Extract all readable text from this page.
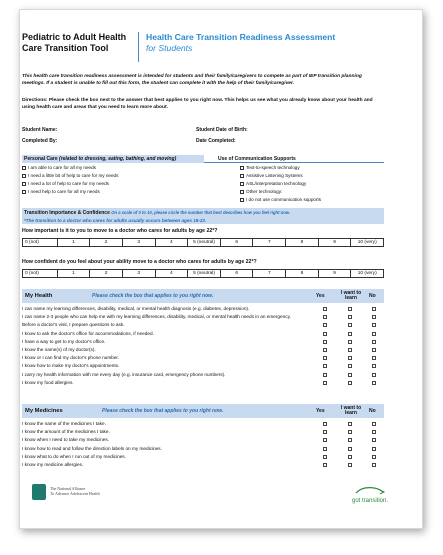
Pediatric to Adult Health
Care Transition Tool
Health Care Transition Readiness Assessment
for Students
This health care transition readiness assessment is intended for students and their family/caregivers to compete as part of IEP transition planning meetings. If a student is unable to fill out this form, the student can complete it with the help of their family/caregiver.
Directions: Please check the box next to the answer that best applies to you right now. This helps us see what you already know about your health and using health care and areas that you need to learn more about.
Student Name:	Student Date of Birth:
Completed By:	Date Completed:
Personal Care (related to dressing, eating, bathing, and moving)	Use of Communication Supports
I am able to care for all my needs
I need a little bit of help to care for my needs
I need a lot of help to care for my needs
I need help to care for all my needs
Text-to-speech technology
Assistive Listening Systems
ASL/interpretation technology
Other technology:
I do not use communication supports
Transition Importance & Confidence On a scale of 0 to 10, please circle the number that best describes how you feel right now.
*The transition to a doctor who cares for adults usually occurs between ages 18-22.
How important is it to you to move to a doctor who cares for adults by age 22*?
0 (not)	1	2	3	4	5 (neutral)	6	7	8	9	10 (very)
How confident do you feel about your ability move to a doctor who cares for adults by age 22*?
0 (not)	1	2	3	4	5 (neutral)	6	7	8	9	10 (very)
My Health	Please check the box that applies to you right now.	Yes	I want to learn	No
I can name my learning differences, disability, medical, or mental health diagnosis (e.g. diabetes, depression).
I can name 2-3 people who can help me with my learning differences, disability, medical, or mental health needs in an emergency.
Before a doctor's visit, I prepare questions to ask.
I know to ask the doctor's office for accommodations, if needed.
I have a way to get to my doctor's office.
I know the name(s) of my doctor(s).
I know or I can find my doctor's phone number.
I know how to make my doctor's appointments.
I carry my health information with me every day (e.g. insurance card, emergency phone numbers).
I know my food allergies.
My Medicines	Please check the box that applies to you right now.	Yes	I want to learn	No
I know the name of the medicines I take.
I know the amount of the medicines I take.
I know when I need to take my medicines.
I know how to read and follow the direction labels on my medicines.
I know what to do when I run out of my medicines.
I know my medicine allergies.
The National Alliance
To Advance Adolescent Health
got transition.
